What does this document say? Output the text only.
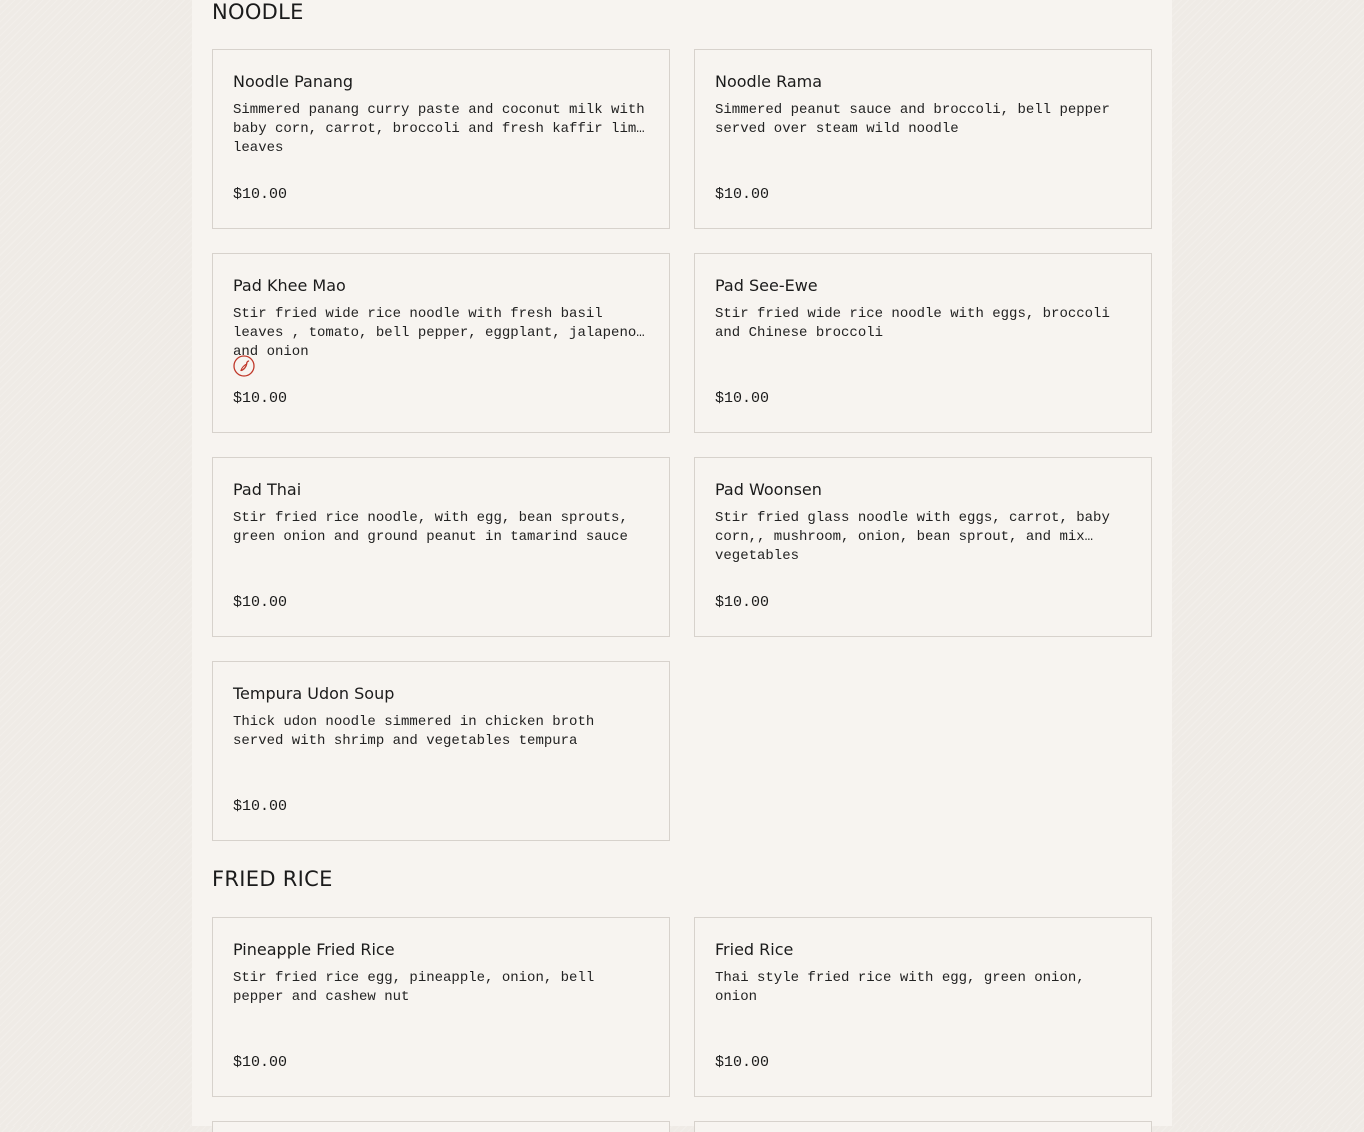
NOODLE
Noodle Panang
Simmered panang curry paste and coconut milk with baby corn, carrot, broccoli and fresh kaffir lime leaves
$10.00
Noodle Rama
Simmered peanut sauce and broccoli, bell pepper served over steam wild noodle
$10.00
Pad Khee Mao
Stir fried wide rice noodle with fresh basil leaves , tomato, bell pepper, eggplant, jalapeno and onion
$10.00
Pad See-Ewe
Stir fried wide rice noodle with eggs, broccoli and Chinese broccoli
$10.00
Pad Thai
Stir fried rice noodle, with egg, bean sprouts, green onion and ground peanut in tamarind sauce
$10.00
Pad Woonsen
Stir fried glass noodle with eggs, carrot, baby corn,, mushroom, onion, bean sprout, and mix vegetables
$10.00
Tempura Udon Soup
Thick udon noodle simmered in chicken broth served with shrimp and vegetables tempura
$10.00
FRIED RICE
Pineapple Fried Rice
Stir fried rice egg, pineapple, onion, bell pepper and cashew nut
$10.00
Fried Rice
Thai style fried rice with egg, green onion, onion
$10.00
